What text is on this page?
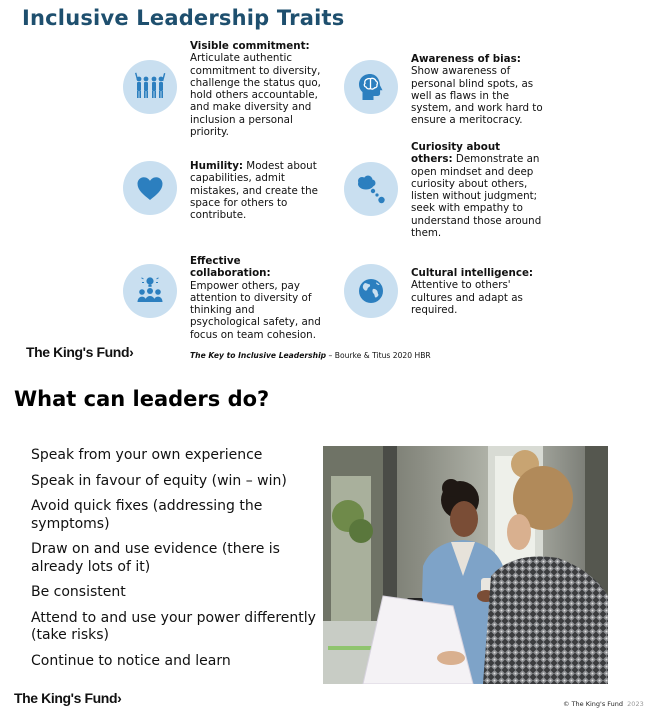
Inclusive Leadership Traits
Visible commitment: Articulate authentic commitment to diversity, challenge the status quo, hold others accountable, and make diversity and inclusion a personal priority.
Awareness of bias: Show awareness of personal blind spots, as well as flaws in the system, and work hard to ensure a meritocracy.
Humility: Modest about capabilities, admit mistakes, and create the space for others to contribute.
Curiosity about others: Demonstrate an open mindset and deep curiosity about others, listen without judgment; seek with empathy to understand those around them.
Effective collaboration: Empower others, pay attention to diversity of thinking and psychological safety, and focus on team cohesion.
Cultural intelligence: Attentive to others' cultures and adapt as required.
The King's Fund›	The Key to Inclusive Leadership – Bourke & Titus 2020 HBR
What can leaders do?
Speak from your own experience
Speak in favour of equity (win – win)
Avoid quick fixes (addressing the symptoms)
Draw on and use evidence (there is already lots of it)
Be consistent
Attend to and use your power differently (take risks)
Continue to notice and learn
The King's Fund›	© The King's Fund 2023
